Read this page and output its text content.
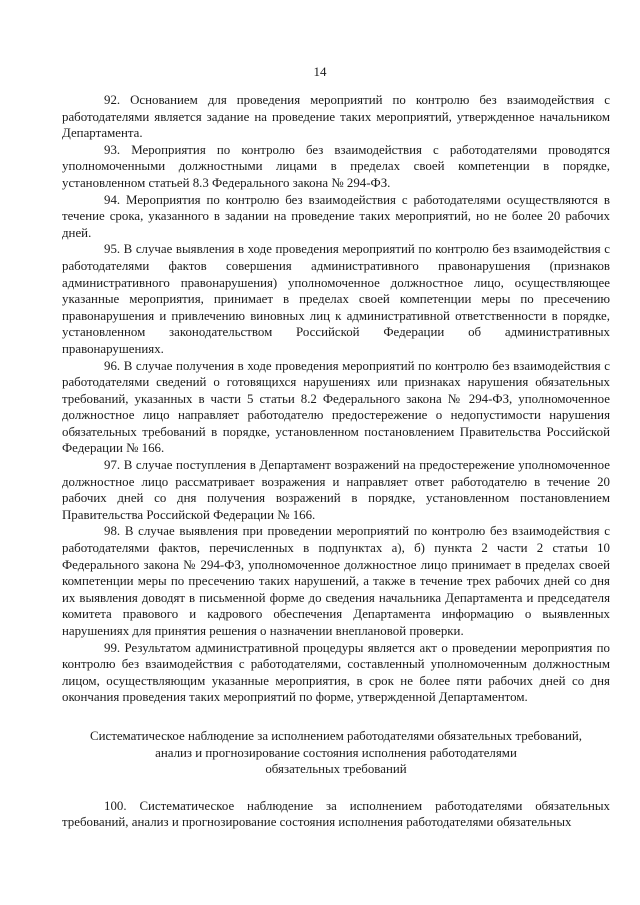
14

92. Основанием для проведения мероприятий по контролю без взаимодействия с работодателями является задание на проведение таких мероприятий, утвержденное начальником Департамента.

93. Мероприятия по контролю без взаимодействия с работодателями проводятся уполномоченными должностными лицами в пределах своей компетенции в порядке, установленном статьей 8.3 Федерального закона № 294-ФЗ.

94. Мероприятия по контролю без взаимодействия с работодателями осуществляются в течение срока, указанного в задании на проведение таких мероприятий, но не более 20 рабочих дней.

95. В случае выявления в ходе проведения мероприятий по контролю без взаимодействия с работодателями фактов совершения административного правонарушения (признаков административного правонарушения) уполномоченное должностное лицо, осуществляющее указанные мероприятия, принимает в пределах своей компетенции меры по пресечению правонарушения и привлечению виновных лиц к административной ответственности в порядке, установленном законодательством Российской Федерации об административных правонарушениях.

96. В случае получения в ходе проведения мероприятий по контролю без взаимодействия с работодателями сведений о готовящихся нарушениях или признаках нарушения обязательных требований, указанных в части 5 статьи 8.2 Федерального закона № 294-ФЗ, уполномоченное должностное лицо направляет работодателю предостережение о недопустимости нарушения обязательных требований в порядке, установленном постановлением Правительства Российской Федерации № 166.

97. В случае поступления в Департамент возражений на предостережение уполномоченное должностное лицо рассматривает возражения и направляет ответ работодателю в течение 20 рабочих дней со дня получения возражений в порядке, установленном постановлением Правительства Российской Федерации № 166.

98. В случае выявления при проведении мероприятий по контролю без взаимодействия с работодателями фактов, перечисленных в подпунктах а), б) пункта 2 части 2 статьи 10 Федерального закона № 294-ФЗ, уполномоченное должностное лицо принимает в пределах своей компетенции меры по пресечению таких нарушений, а также в течение трех рабочих дней со дня их выявления доводят в письменной форме до сведения начальника Департамента и председателя комитета правового и кадрового обеспечения Департамента информацию о выявленных нарушениях для принятия решения о назначении внеплановой проверки.

99. Результатом административной процедуры является акт о проведении мероприятия по контролю без взаимодействия с работодателями, составленный уполномоченным должностным лицом, осуществляющим указанные мероприятия, в срок не более пяти рабочих дней со дня окончания проведения таких мероприятий по форме, утвержденной Департаментом.

Систематическое наблюдение за исполнением работодателями обязательных требований,
анализ и прогнозирование состояния исполнения работодателями
обязательных требований

100. Систематическое наблюдение за исполнением работодателями обязательных требований, анализ и прогнозирование состояния исполнения работодателями обязательных
